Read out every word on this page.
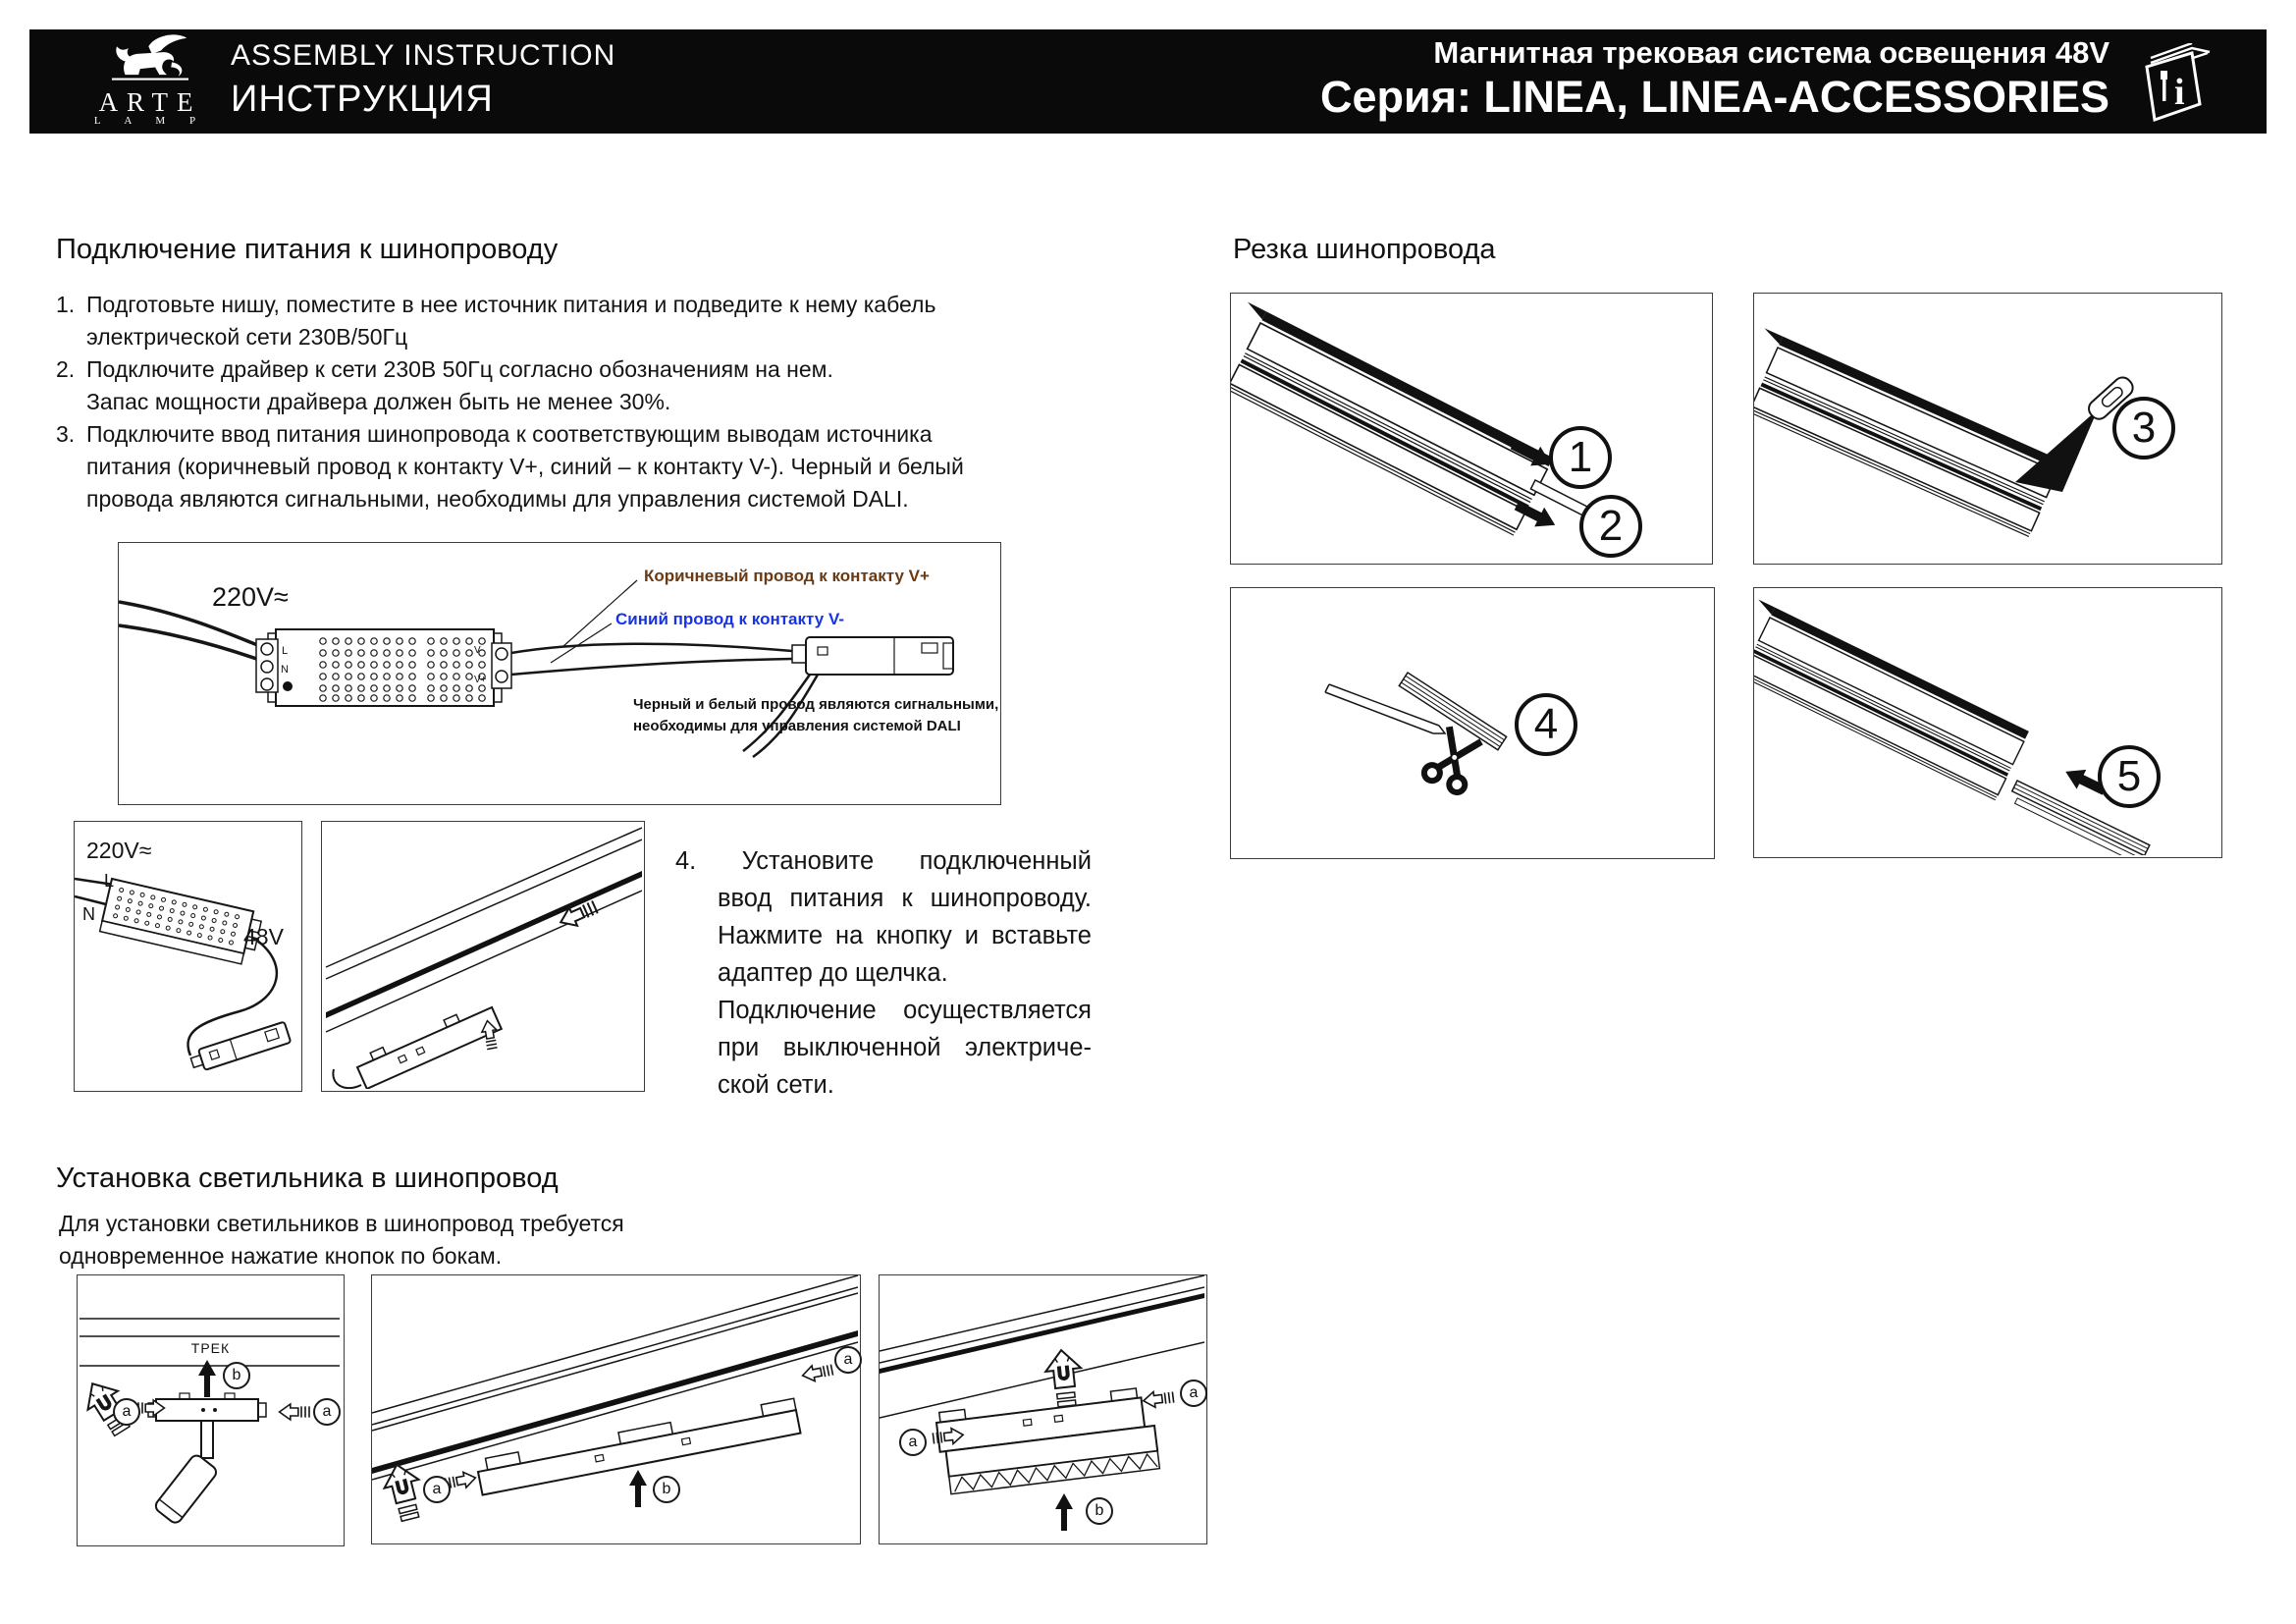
ARTE
L A M P
ASSEMBLY INSTRUCTION
ИНСТРУКЦИЯ
Магнитная трековая система освещения 48V
Серия: LINEA, LINEA-ACCESSORIES i
Подключение питания к шинопроводу
1. Подготовьте нишу, поместите в нее источник питания и подведите к нему кабель
электрической сети 230В/50Гц
2. Подключите драйвер к сети 230В 50Гц согласно обозначениям на нем.
Запас мощности драйвера должен быть не менее 30%.
3. Подключите ввод питания шинопровода к соответствующим выводам источника
питания (коричневый провод к контакту V+, синий – к контакту V-). Черный и белый
провода являются сигнальными, необходимы для управления системой DALI.
L
N
V-
V+
220V≈
Коричневый провод к контакту V+
Синий провод к контакту V-
Черный и белый провод являются сигнальными,
необходимы для управления системой DALI
220V≈
L
N
48V
4. Установите подключенный
ввод питания к шинопроводу.
Нажмите на кнопку и вставьте
адаптер до щелчка.
Подключение осуществляется
при выключенной электриче-
ской сети.
Резка шинопровода
1
2
3
4
5
Установка светильника в шинопровод
Для установки светильников в шинопровод требуется
одновременное нажатие кнопок по бокам.
ТРЕК
a	a
b
a
a
b
a
a
b
